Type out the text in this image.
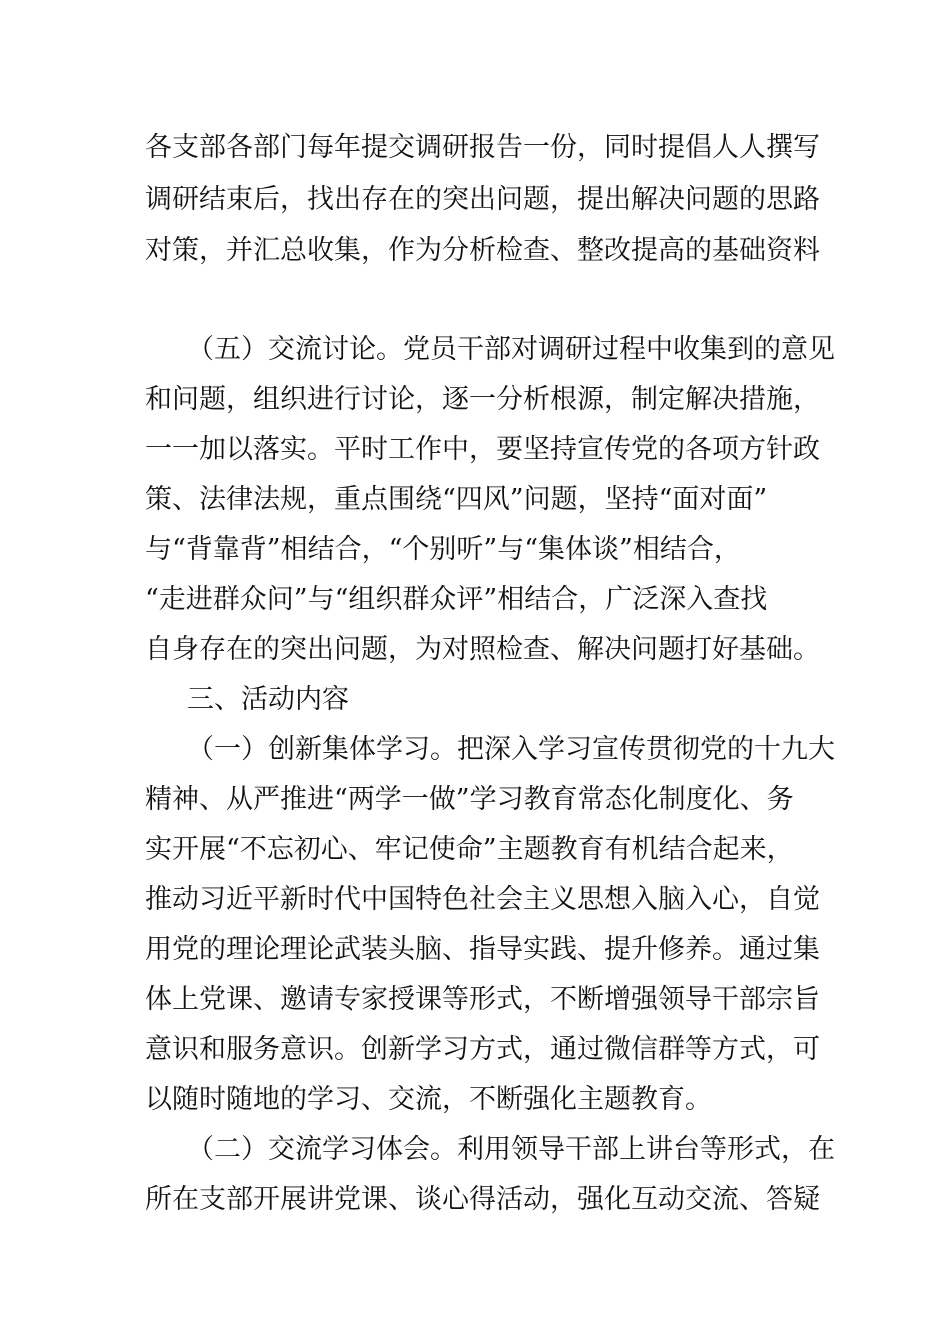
各支部各部门每年提交调研报告一份，同时提倡人人撰写
调研结束后，找出存在的突出问题，提出解决问题的思路
对策，并汇总收集，作为分析检查、整改提高的基础资料
（五）交流讨论。党员干部对调研过程中收集到的意见
和问题，组织进行讨论，逐一分析根源，制定解决措施，
一一加以落实。平时工作中，要坚持宣传党的各项方针政
策、法律法规，重点围绕“四风”问题，坚持“面对面”
与“背靠背”相结合，“个别听”与“集体谈”相结合，
“走进群众问”与“组织群众评”相结合，广泛深入查找
自身存在的突出问题，为对照检查、解决问题打好基础。
三、活动内容
（一）创新集体学习。把深入学习宣传贯彻党的十九大
精神、从严推进“两学一做”学习教育常态化制度化、务
实开展“不忘初心、牢记使命”主题教育有机结合起来，
推动习近平新时代中国特色社会主义思想入脑入心，自觉
用党的理论理论武装头脑、指导实践、提升修养。通过集
体上党课、邀请专家授课等形式，不断增强领导干部宗旨
意识和服务意识。创新学习方式，通过微信群等方式，可
以随时随地的学习、交流，不断强化主题教育。
（二）交流学习体会。利用领导干部上讲台等形式，在
所在支部开展讲党课、谈心得活动，强化互动交流、答疑
